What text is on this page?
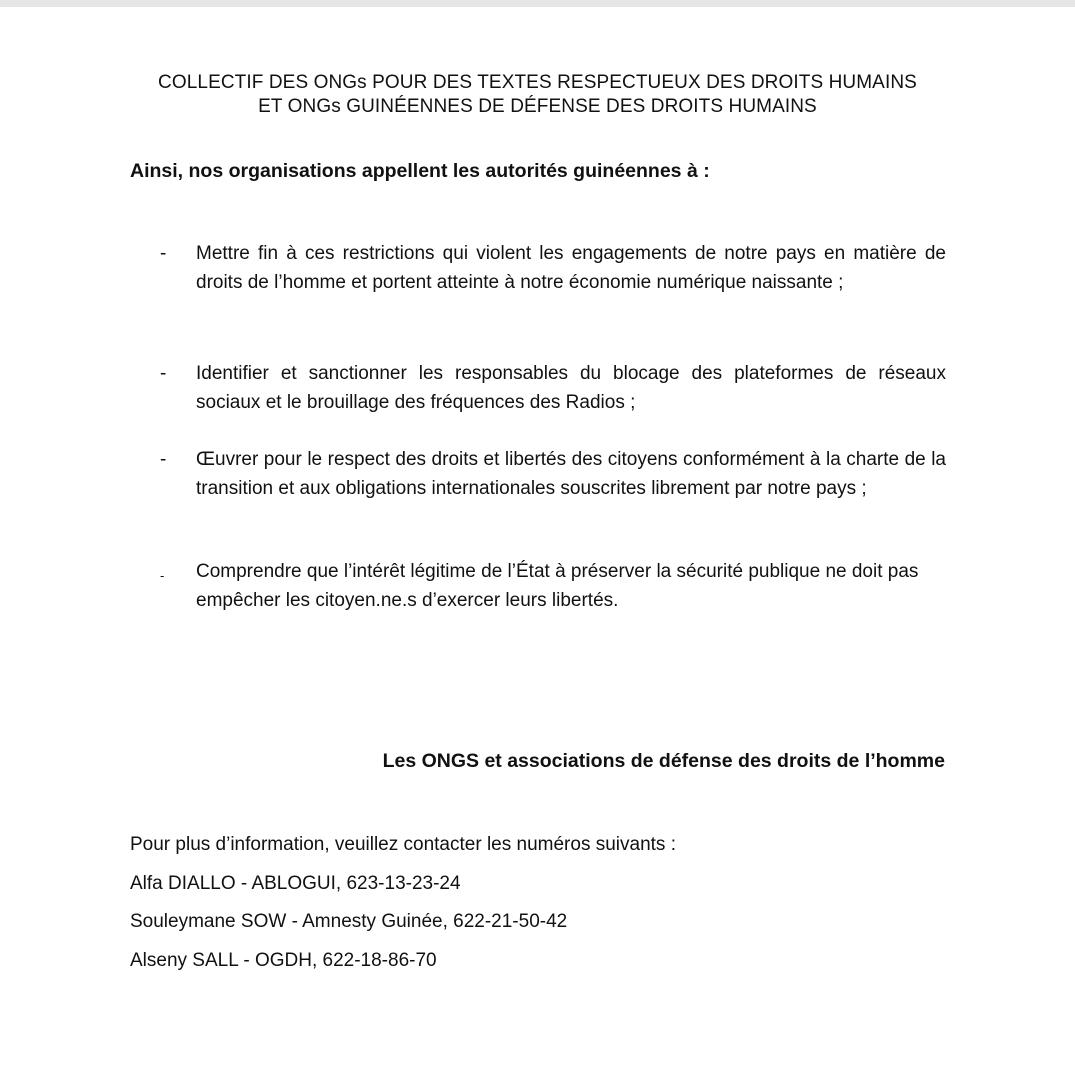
COLLECTIF DES ONGs POUR DES TEXTES RESPECTUEUX DES DROITS HUMAINS
ET ONGs GUINÉENNES DE DÉFENSE DES DROITS HUMAINS
Ainsi, nos organisations appellent les autorités guinéennes à :
- Mettre fin à ces restrictions qui violent les engagements de notre pays en matière de droits de l’homme et portent atteinte à notre économie numérique naissante ;
- Identifier et sanctionner les responsables du blocage des plateformes de réseaux sociaux et le brouillage des fréquences des Radios ;
- Œuvrer pour le respect des droits et libertés des citoyens conformément à la charte de la transition et aux obligations internationales souscrites librement par notre pays ;
- Comprendre que l’intérêt légitime de l’État à préserver la sécurité publique ne doit pas empêcher les citoyen.ne.s d’exercer leurs libertés.
Les ONGS et associations de défense des droits de l’homme
Pour plus d’information, veuillez contacter les numéros suivants :
Alfa DIALLO - ABLOGUI, 623-13-23-24
Souleymane SOW - Amnesty Guinée, 622-21-50-42
Alseny SALL - OGDH, 622-18-86-70
